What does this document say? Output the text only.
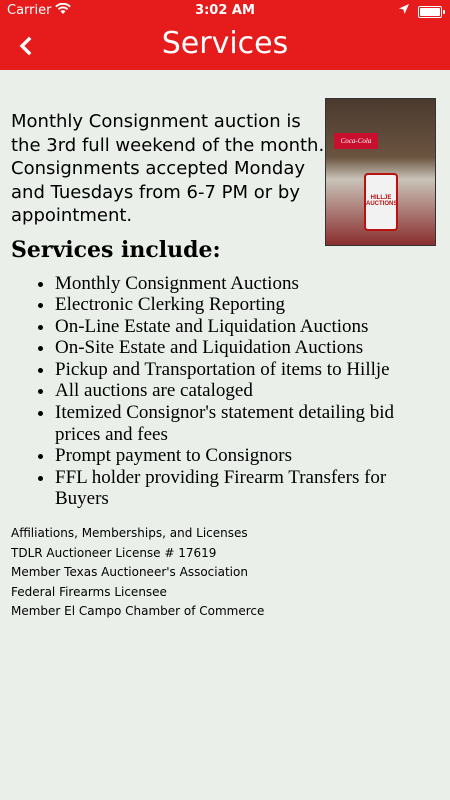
Carrier	3:02 AM
Services
Coca-Cola
HILLJE AUCTIONS
Monthly Consignment auction is the 3rd full weekend of the month. Consignments accepted Monday and Tuesdays from 6-7 PM or by appointment.
Services include:
• Monthly Consignment Auctions
• Electronic Clerking Reporting
• On-Line Estate and Liquidation Auctions
• On-Site Estate and Liquidation Auctions
• Pickup and Transportation of items to Hillje
• All auctions are cataloged
• Itemized Consignor's statement detailing bid prices and fees
• Prompt payment to Consignors
• FFL holder providing Firearm Transfers for Buyers
Affiliations, Memberships, and Licenses
TDLR Auctioneer License # 17619
Member Texas Auctioneer's Association
Federal Firearms Licensee
Member El Campo Chamber of Commerce
